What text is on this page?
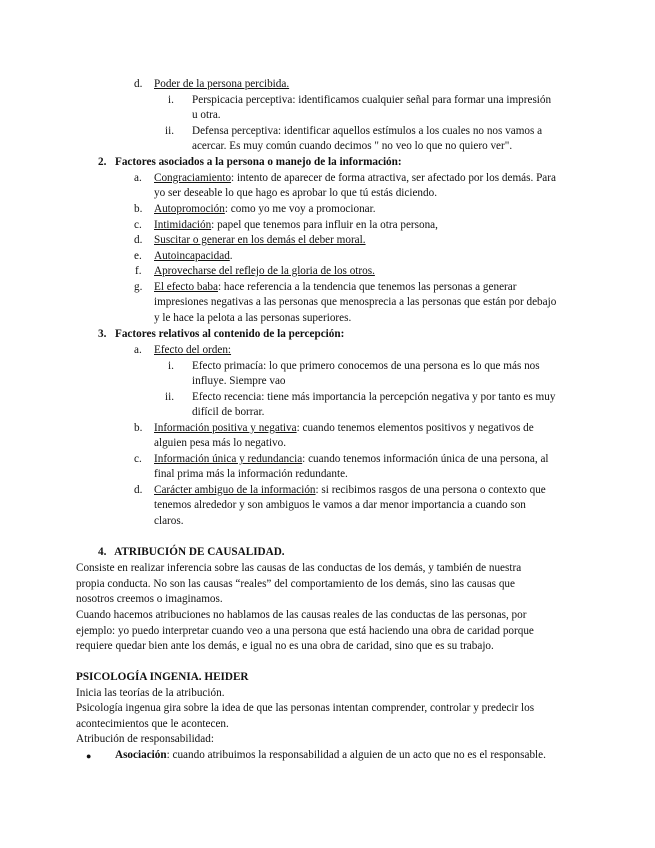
d. Poder de la persona percibida.
i. Perspicacia perceptiva: identificamos cualquier señal para formar una impresión
u otra.
ii. Defensa perceptiva: identificar aquellos estímulos a los cuales no nos vamos a
acercar. Es muy común cuando decimos " no veo lo que no quiero ver".
2. Factores asociados a la persona o manejo de la información:
a. Congraciamiento: intento de aparecer de forma atractiva, ser afectado por los demás. Para
yo ser deseable lo que hago es aprobar lo que tú estás diciendo.
b. Autopromoción: como yo me voy a promocionar.
c. Intimidación: papel que tenemos para influir en la otra persona,
d. Suscitar o generar en los demás el deber moral.
e. Autoincapacidad.
f. Aprovecharse del reflejo de la gloria de los otros.
g. El efecto baba: hace referencia a la tendencia que tenemos las personas a generar
impresiones negativas a las personas que menosprecia a las personas que están por debajo
y le hace la pelota a las personas superiores.
3. Factores relativos al contenido de la percepción:
a. Efecto del orden:
i. Efecto primacía: lo que primero conocemos de una persona es lo que más nos
influye. Siempre vao
ii. Efecto recencia: tiene más importancia la percepción negativa y por tanto es muy
difícil de borrar.
b. Información positiva y negativa: cuando tenemos elementos positivos y negativos de
alguien pesa más lo negativo.
c. Información única y redundancia: cuando tenemos información única de una persona, al
final prima más la información redundante.
d. Carácter ambiguo de la información: si recibimos rasgos de una persona o contexto que
tenemos alrededor y son ambiguos le vamos a dar menor importancia a cuando son
claros.
4.   ATRIBUCIÓN DE CAUSALIDAD.
Consiste en realizar inferencia sobre las causas de las conductas de los demás, y también de nuestra
propia conducta. No son las causas “reales” del comportamiento de los demás, sino las causas que
nosotros creemos o imaginamos.
Cuando hacemos atribuciones no hablamos de las causas reales de las conductas de las personas, por
ejemplo: yo puedo interpretar cuando veo a una persona que está haciendo una obra de caridad porque
requiere quedar bien ante los demás, e igual no es una obra de caridad, sino que es su trabajo.
PSICOLOGÍA INGENIA. HEIDER
Inicia las teorías de la atribución.
Psicología ingenua gira sobre la idea de que las personas intentan comprender, controlar y predecir los
acontecimientos que le acontecen.
Atribución de responsabilidad:
● Asociación: cuando atribuimos la responsabilidad a alguien de un acto que no es el responsable.
